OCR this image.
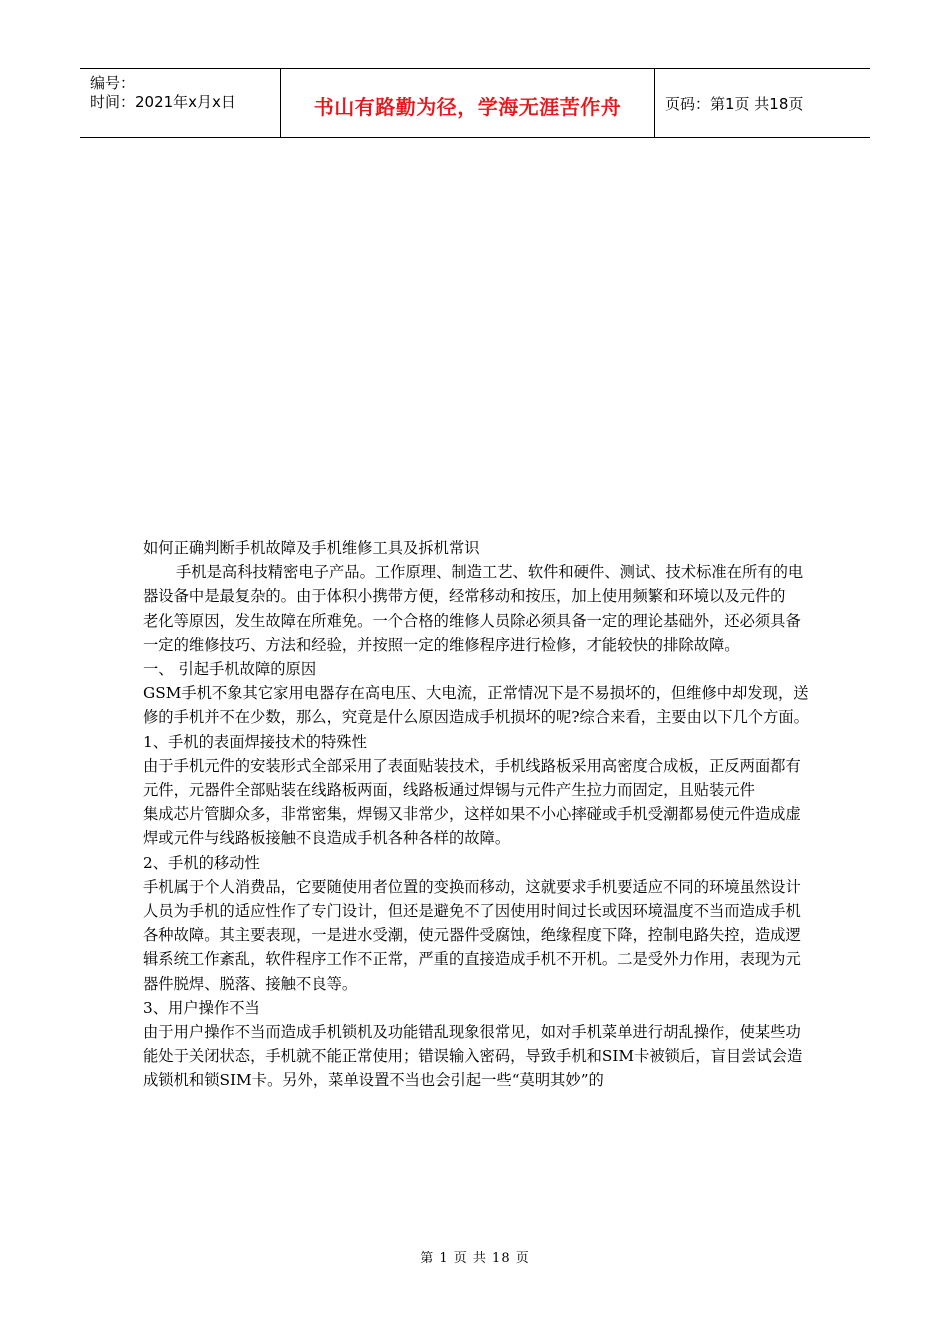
编号：
时间：2021年x月x日	书山有路勤为径，学海无涯苦作舟	页码：第1页 共18页

如何正确判断手机故障及手机维修工具及拆机常识

手机是高科技精密电子产品。工作原理、制造工艺、软件和硬件、测试、技术标准在所有的电器设备中是最复杂的。由于体积小携带方便，经常移动和按压，加上使用频繁和环境以及元件的

老化等原因，发生故障在所难免。一个合格的维修人员除必须具备一定的理论基础外，还必须具备一定的维修技巧、方法和经验，并按照一定的维修程序进行检修，才能较快的排除故障。

一、 引起手机故障的原因

GSM手机不象其它家用电器存在高电压、大电流，正常情况下是不易损坏的，但维修中却发现，送修的手机并不在少数，那么，究竟是什么原因造成手机损坏的呢?综合来看，主要由以下几个方面。

1、手机的表面焊接技术的特殊性

由于手机元件的安装形式全部采用了表面贴装技术，手机线路板采用高密度合成板，正反两面都有元件，元器件全部贴装在线路板两面，线路板通过焊锡与元件产生拉力而固定，且贴装元件

集成芯片管脚众多，非常密集，焊锡又非常少，这样如果不小心摔碰或手机受潮都易使元件造成虚焊或元件与线路板接触不良造成手机各种各样的故障。

2、手机的移动性

手机属于个人消费品，它要随使用者位置的变换而移动，这就要求手机要适应不同的环境虽然设计人员为手机的适应性作了专门设计，但还是避免不了因使用时间过长或因环境温度不当而造成手机各种故障。其主要表现，一是进水受潮，使元器件受腐蚀，绝缘程度下降，控制电路失控，造成逻辑系统工作紊乱，软件程序工作不正常，严重的直接造成手机不开机。二是受外力作用，表现为元器件脱焊、脱落、接触不良等。

3、用户操作不当

由于用户操作不当而造成手机锁机及功能错乱现象很常见，如对手机菜单进行胡乱操作，使某些功能处于关闭状态，手机就不能正常使用；错误输入密码，导致手机和SIM卡被锁后，盲目尝试会造成锁机和锁SIM卡。另外，菜单设置不当也会引起一些“莫明其妙”的

第 1 页 共 18 页
